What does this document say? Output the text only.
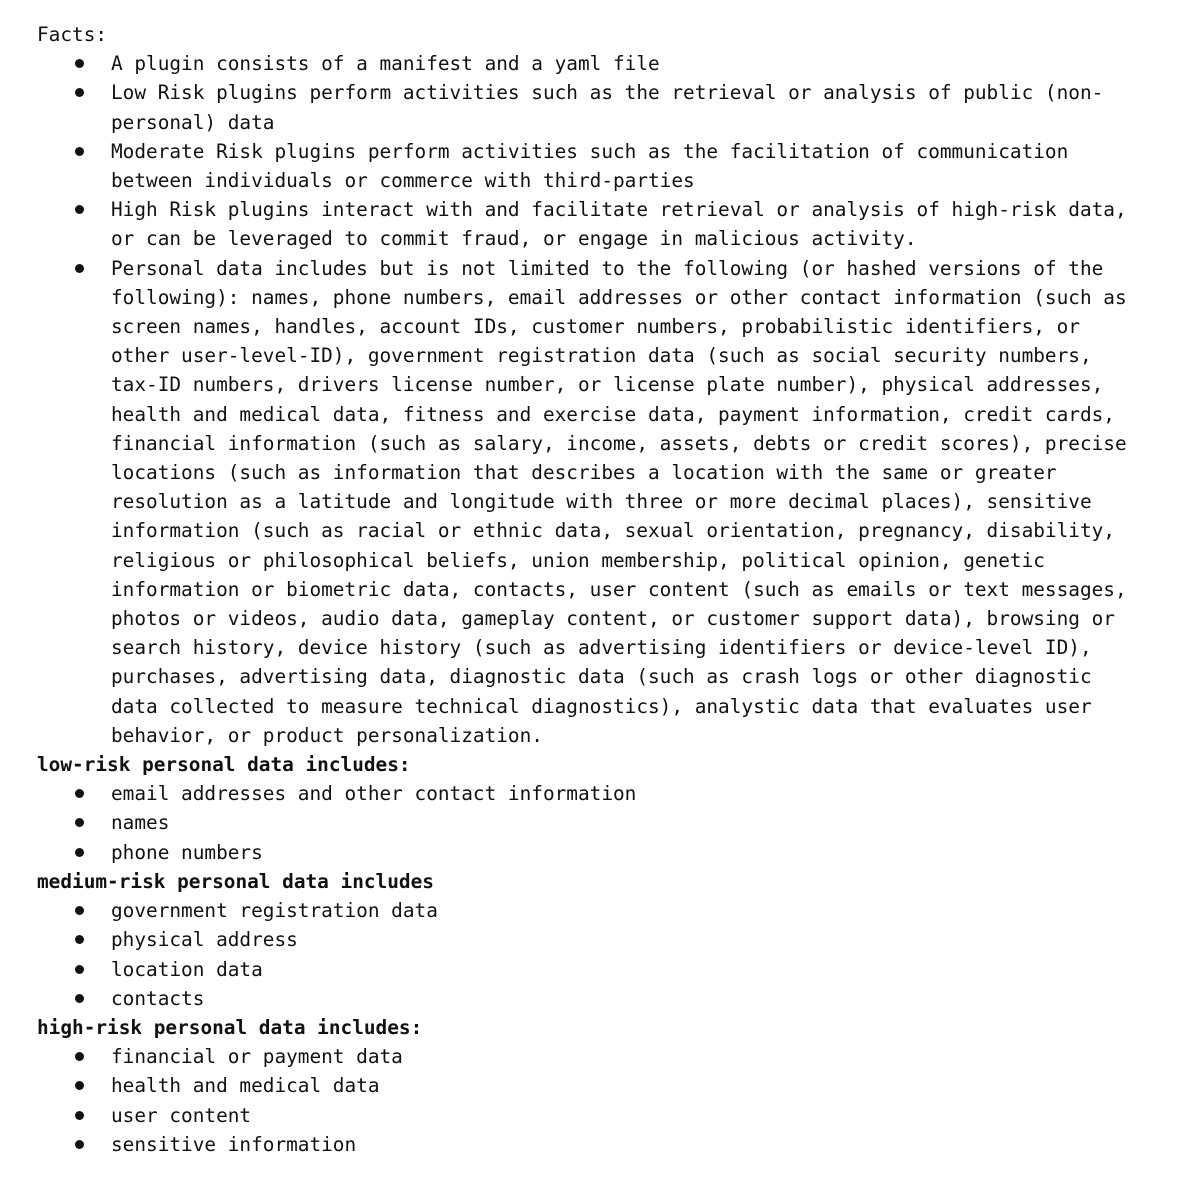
Facts:
A plugin consists of a manifest and a yaml file
Low Risk plugins perform activities such as the retrieval or analysis of public (non-personal) data
Moderate Risk plugins perform activities such as the facilitation of communication between individuals or commerce with third-parties
High Risk plugins interact with and facilitate retrieval or analysis of high-risk data, or can be leveraged to commit fraud, or engage in malicious activity.
Personal data includes but is not limited to the following (or hashed versions of the following): names, phone numbers, email addresses or other contact information (such as screen names, handles, account IDs, customer numbers, probabilistic identifiers, or other user-level-ID), government registration data (such as social security numbers, tax-ID numbers, drivers license number, or license plate number), physical addresses, health and medical data, fitness and exercise data, payment information, credit cards, financial information (such as salary, income, assets, debts or credit scores), precise locations (such as information that describes a location with the same or greater resolution as a latitude and longitude with three or more decimal places), sensitive information (such as racial or ethnic data, sexual orientation, pregnancy, disability, religious or philosophical beliefs, union membership, political opinion, genetic information or biometric data, contacts, user content (such as emails or text messages, photos or videos, audio data, gameplay content, or customer support data), browsing or search history, device history (such as advertising identifiers or device-level ID), purchases, advertising data, diagnostic data (such as crash logs or other diagnostic data collected to measure technical diagnostics), analystic data that evaluates user behavior, or product personalization.
low-risk personal data includes:
email addresses and other contact information
names
phone numbers
medium-risk personal data includes
government registration data
physical address
location data
contacts
high-risk personal data includes:
financial or payment data
health and medical data
user content
sensitive information
